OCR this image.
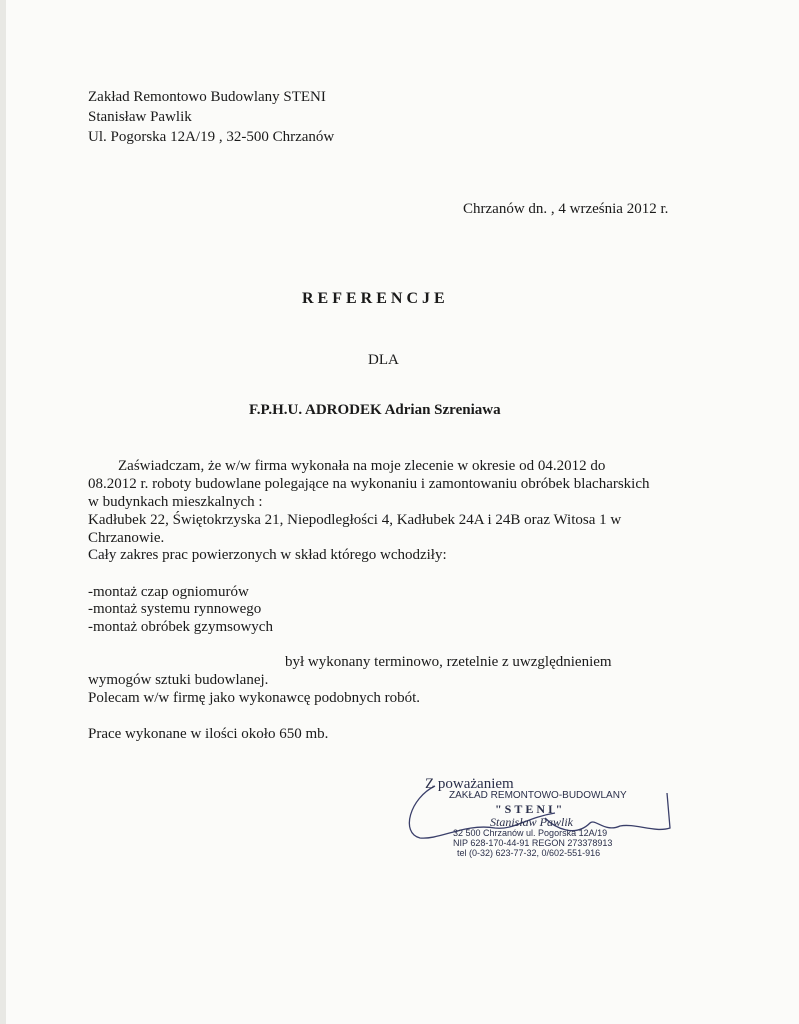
Zakład Remontowo Budowlany STENI
Stanisław Pawlik
Ul. Pogorska 12A/19 , 32-500 Chrzanów
Chrzanów dn. , 4 września 2012 r.
REFERENCJE
DLA
F.P.H.U. ADRODEK Adrian Szreniawa
Zaświadczam, że w/w firma wykonała na moje zlecenie w okresie od 04.2012 do
08.2012 r. roboty budowlane polegające na wykonaniu i zamontowaniu obróbek blacharskich
w budynkach mieszkalnych :
Kadłubek 22, Świętokrzyska 21, Niepodległości 4, Kadłubek 24A i 24B oraz Witosa 1 w
Chrzanowie.
Cały zakres prac powierzonych w skład którego wchodziły:
-montaż czap ogniomurów
-montaż systemu rynnowego
-montaż obróbek gzymsowych
był wykonany terminowo, rzetelnie z uwzględnieniem
wymogów sztuki budowlanej.
Polecam w/w firmę jako wykonawcę podobnych robót.
Prace wykonane w ilości około 650 mb.
Z poważaniem
ZAKŁAD REMONTOWO-BUDOWLANY
"STENI"
Stanisław Pawlik
32 500 Chrzanów ul. Pogorska 12A/19
NIP 628-170-44-91 REGON 273378913
tel (0-32) 623-77-32, 0/602-551-916
